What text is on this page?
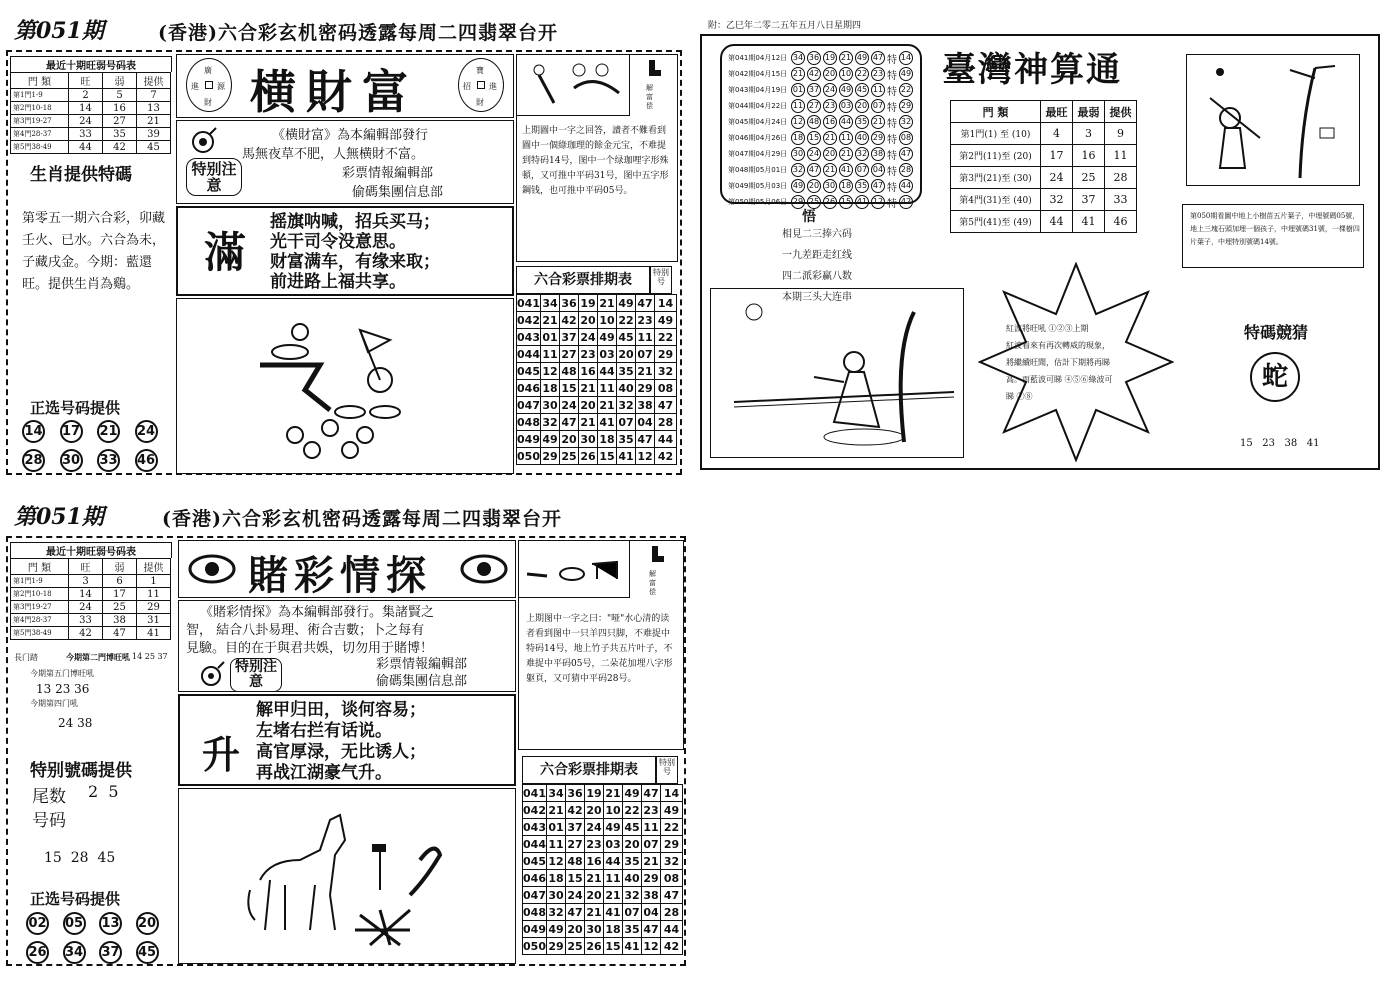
第051期	(香港)六合彩玄机密码透露每周二四翡翠台开
最近十期旺弱号码表
門 類	旺	弱	提供
第1門1-9	2	5	7
第2門10-18	14	16	13
第3門19-27	24	27	21
第4門28-37	33	35	39
第5門38-49	44	42	45
生肖提供特碼
第零五一期六合彩，卯藏壬火、已水。六合為未，子藏戌金。今期：藍還旺。提供生肖為鷄。
正选号码提供
14 17 21 24
28 30 33 46
廣
進 源
財 横財富	寶
招 進
財
特别注意
《横財富》為本編輯部發行
馬無夜草不肥，人無横財不富。
彩票情報編輯部
偷碼集團信息部
滿
摇旗呐喊，招兵买马；
光干司令没意思。
财富满车，有缘来取；
前进路上福共享。
解 富 偿
上期圖中一字之回答，讀者不難看到圖中一個綠珈理的餘金元宝，不难提到特码14号，图中一个绿珈哩字形殊頓，又可推中平码31号，图中五字形鋼钱，也可推中平码05号。
六合彩票排期表	特别号
041	34	36	19	21	49	47	14
042	21	42	20	10	22	23	49
043	01	37	24	49	45	11	22
044	11	27	23	03	20	07	29
045	12	48	16	44	35	21	32
046	18	15	21	11	40	29	08
047	30	24	20	21	32	38	47
048	32	47	21	41	07	04	28
049	49	20	30	18	35	47	44
050	29	25	26	15	41	12	42
附：乙巳年二零二五年五月八日星期四
第041期04月12日 34 36 19 21 49 47 特 14
第042期04月15日 21 42 20 10 22 23 特 49
第043期04月19日 01 37 24 49 45 11 特 22
第044期04月22日 11 27 23 03 20 07 特 29
第045期04月24日 12 48 16 44 35 21 特 32
第046期04月26日 18 15 21 11 40 29 特 08
第047期04月29日 30 24 20 21 32 38 特 47
第048期05月01日 32 47 21 41 07 04 特 28
第049期05月03日 49 20 30 18 35 47 特 44
第050期05月06日 29 25 26 15 41 12 特 42
臺灣神算通
門 類	最旺	最弱	提供
第1門(1) 至 (10)	4	3	9
第2門(11)至 (20)	17	16	11
第3門(21)至 (30)	24	25	28
第4門(31)至 (40)	32	37	33
第5門(41)至 (49)	44	41	46
悟
相見二三捧六码
一九差距走红线
四二派彩赢八数
本期三头大连串
第050期看圖中地上小樹苗五片葉子，中埋號碼05號，地上三塊石頭加埋一個孩子，中埋號碼31號，一棵樹四片葉子，中埋特別號碼14號。
紅波將旺吼 ①②③上期
紅波看來有再次轉威的現象，
將繼續旺聞，估計下期將再睇
高。而藍波可睇 ④⑤⑥綠波可
睇 ⑦⑧
特碼競猜
蛇
15   23   38   41
第051期	(香港)六合彩玄机密码透露每周二四翡翠台开
最近十期旺弱号码表
門 類	旺	弱	提供
第1門1-9	3	6	1
第2門10-18	14	17	11
第3門19-27	24	25	29
第4門28-37	33	38	31
第5門38-49	42	47	41
長门踏	今期第二門博旺吼 14 25 37
今期第五门博旺吼
13 23 36
今期第四门吼
24 38
特别號碼提供
尾数 2  5
号码
15  28  45
正选号码提供
02 05 13 20
26 34 37 45
賭彩情探
《賭彩情探》為本編輯部發行。集諸賢之
智， 結合八卦易理、術合吉數；卜之每有
見驗。目的在于與君共娛，切勿用于賭博！
特别注意
彩票情報編輯部
偷碼集團信息部
升
解甲归田，谈何容易；
左堵右拦有话说。
高官厚渌，无比诱人；
再战江湖豪气升。
解 富 偿
上期图中一字之曰："哑"水心清的读者看到图中一只羊四只脚，不难捉中特码14号，地上竹子共五片叶子，不难捉中平码05号，二朵花加埋八字形躯頁，又可猜中平码28号。
六合彩票排期表	特别号
041	34	36	19	21	49	47	14
042	21	42	20	10	22	23	49
043	01	37	24	49	45	11	22
044	11	27	23	03	20	07	29
045	12	48	16	44	35	21	32
046	18	15	21	11	40	29	08
047	30	24	20	21	32	38	47
048	32	47	21	41	07	04	28
049	49	20	30	18	35	47	44
050	29	25	26	15	41	12	42
